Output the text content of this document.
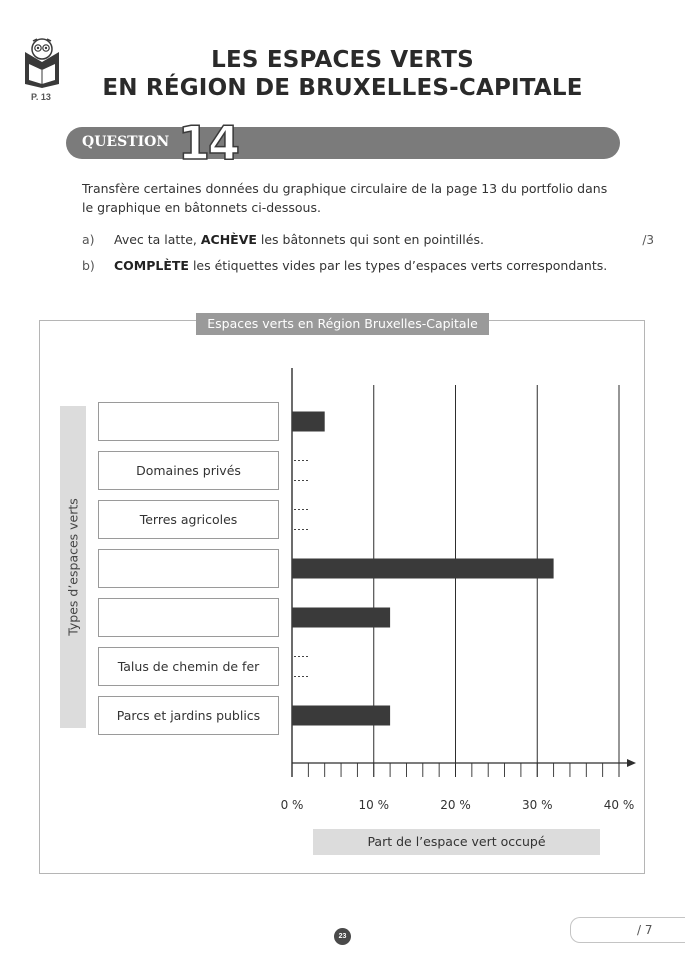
P. 13
LES ESPACES VERTS
EN RÉGION DE BRUXELLES-CAPITALE
QUESTION 14
Transfère certaines données du graphique circulaire de la page 13 du portfolio dans le graphique en bâtonnets ci-dessous.
a) Avec ta latte, ACHÈVE les bâtonnets qui sont en pointillés.	/3
b) COMPLÈTE les étiquettes vides par les types d’espaces verts correspondants.
Espaces verts en Région Bruxelles-Capitale
Types d’espaces verts
Domaines privés
Terres agricoles
Talus de chemin de fer
Parcs et jardins publics
0 %	10 %	20 %	30 %	40 %
Part de l’espace vert occupé
23	/ 7
